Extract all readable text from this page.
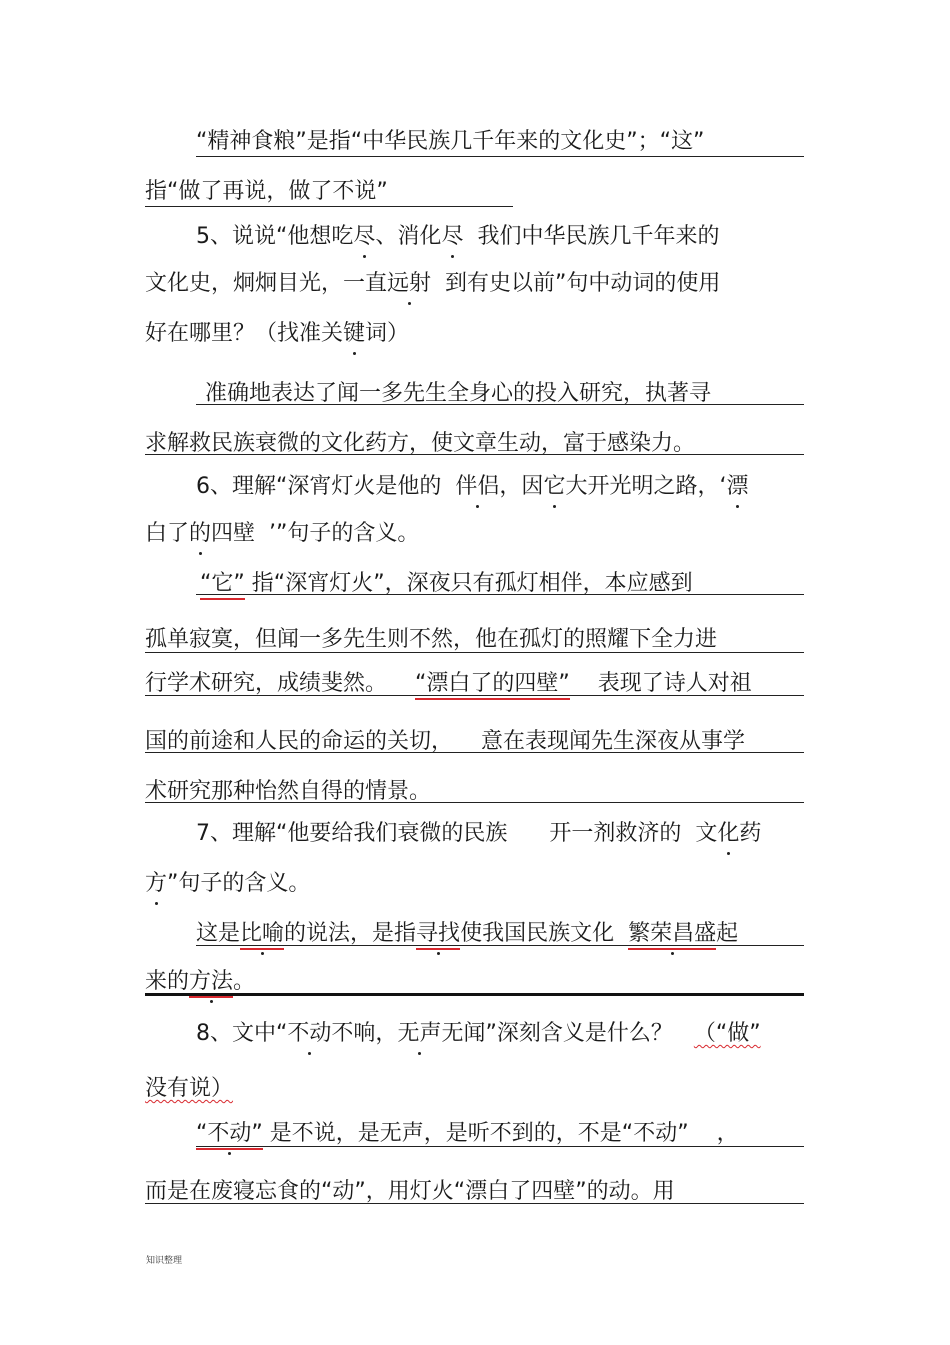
“精神食粮”是指“中华民族几千年来的文化史”；“这”
指“做了再说，做了不说”
5、说说“他想吃尽、消化尽 我们中华民族几千年来的
文化史，炯炯目光，一直远射 到有史以前”句中动词的使用
好在哪里？（找准关键词）
准确地表达了闻一多先生全身心的投入研究，执著寻
求解救民族衰微的文化药方，使文章生动，富于感染力。
6、理解“深宵灯火是他的 伴侣，因它大开光明之路，‘漂
白了的四壁 ’”句子的含义。
“它” 指“深宵灯火”，深夜只有孤灯相伴，本应感到
孤单寂寞，但闻一多先生则不然，他在孤灯的照耀下全力进
行学术研究，成绩斐然。 “漂白了的四壁” 表现了诗人对祖
国的前途和人民的命运的关切，    意在表现闻先生深夜从事学
术研究那种怡然自得的情景。
7、理解“他要给我们衰微的民族      开一剂救济的 文化药
方”句子的含义。
这是比喻的说法，是指寻找使我国民族文化  繁荣昌盛起
来的方法。
8、文中“不动不响，无声无闻”深刻含义是什么？   （“做”
没有说）
“不动” 是不说，是无声，是听不到的，不是“不动”    ，
而是在废寝忘食的“动”，用灯火“漂白了四壁”的动。用
知识整理
